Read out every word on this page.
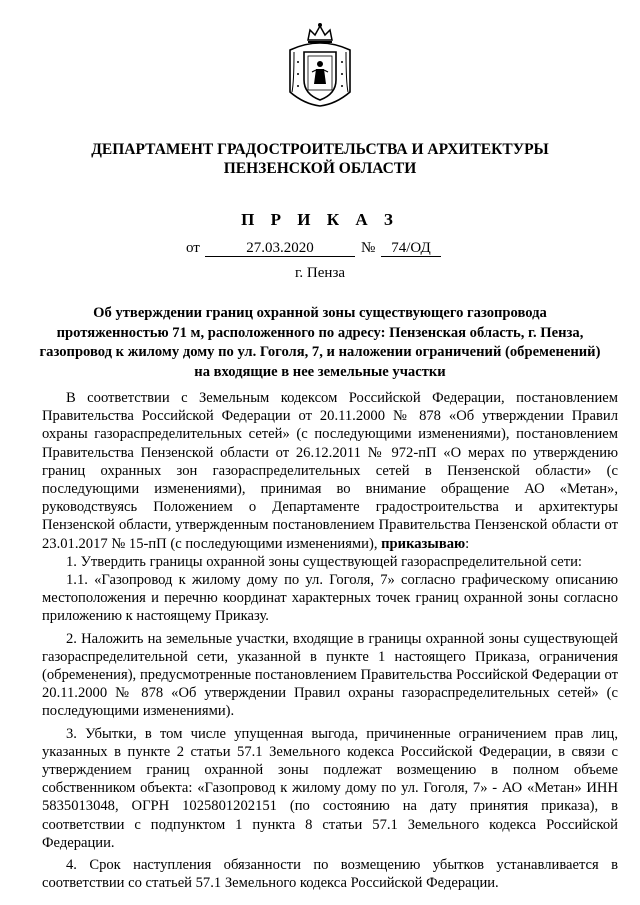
ДЕПАРТАМЕНТ ГРАДОСТРОИТЕЛЬСТВА И АРХИТЕКТУРЫ
ПЕНЗЕНСКОЙ ОБЛАСТИ
П Р И К А З
от	27.03.2020	№	74/ОД
г. Пенза
Об утверждении границ охранной зоны существующего газопровода
протяженностью 71 м, расположенного по адресу: Пензенская область, г. Пенза,
газопровод к жилому дому по ул. Гоголя, 7, и наложении ограничений (обременений)
на входящие в нее земельные участки

В соответствии с Земельным кодексом Российской Федерации, постановлением Правительства Российской Федерации от 20.11.2000 № 878 «Об утверждении Правил охраны газораспределительных сетей» (с последующими изменениями), постановлением Правительства Пензенской области от 26.12.2011 № 972-пП «О мерах по утверждению границ охранных зон газораспределительных сетей в Пензенской области» (с последующими изменениями), принимая во внимание обращение АО «Метан», руководствуясь Положением о Департаменте градостроительства и архитектуры Пензенской области, утвержденным постановлением Правительства Пензенской области от 23.01.2017 № 15-пП (с последующими изменениями), приказываю:

1. Утвердить границы охранной зоны существующей газораспределительной сети:

1.1. «Газопровод к жилому дому по ул. Гоголя, 7» согласно графическому описанию местоположения и перечню координат характерных точек границ охранной зоны согласно приложению к настоящему Приказу.

2. Наложить на земельные участки, входящие в границы охранной зоны существующей газораспределительной сети, указанной в пункте 1 настоящего Приказа, ограничения (обременения), предусмотренные постановлением Правительства Российской Федерации от 20.11.2000 № 878 «Об утверждении Правил охраны газораспределительных сетей» (с последующими изменениями).

3. Убытки, в том числе упущенная выгода, причиненные ограничением прав лиц, указанных в пункте 2 статьи 57.1 Земельного кодекса Российской Федерации, в связи с утверждением границ охранной зоны подлежат возмещению в полном объеме собственником объекта: «Газопровод к жилому дому по ул. Гоголя, 7» - АО «Метан» ИНН 5835013048, ОГРН 1025801202151 (по состоянию на дату принятия приказа), в соответствии с подпунктом 1 пункта 8 статьи 57.1 Земельного кодекса Российской Федерации.

4. Срок наступления обязанности по возмещению убытков устанавливается в соответствии со статьей 57.1 Земельного кодекса Российской Федерации.
